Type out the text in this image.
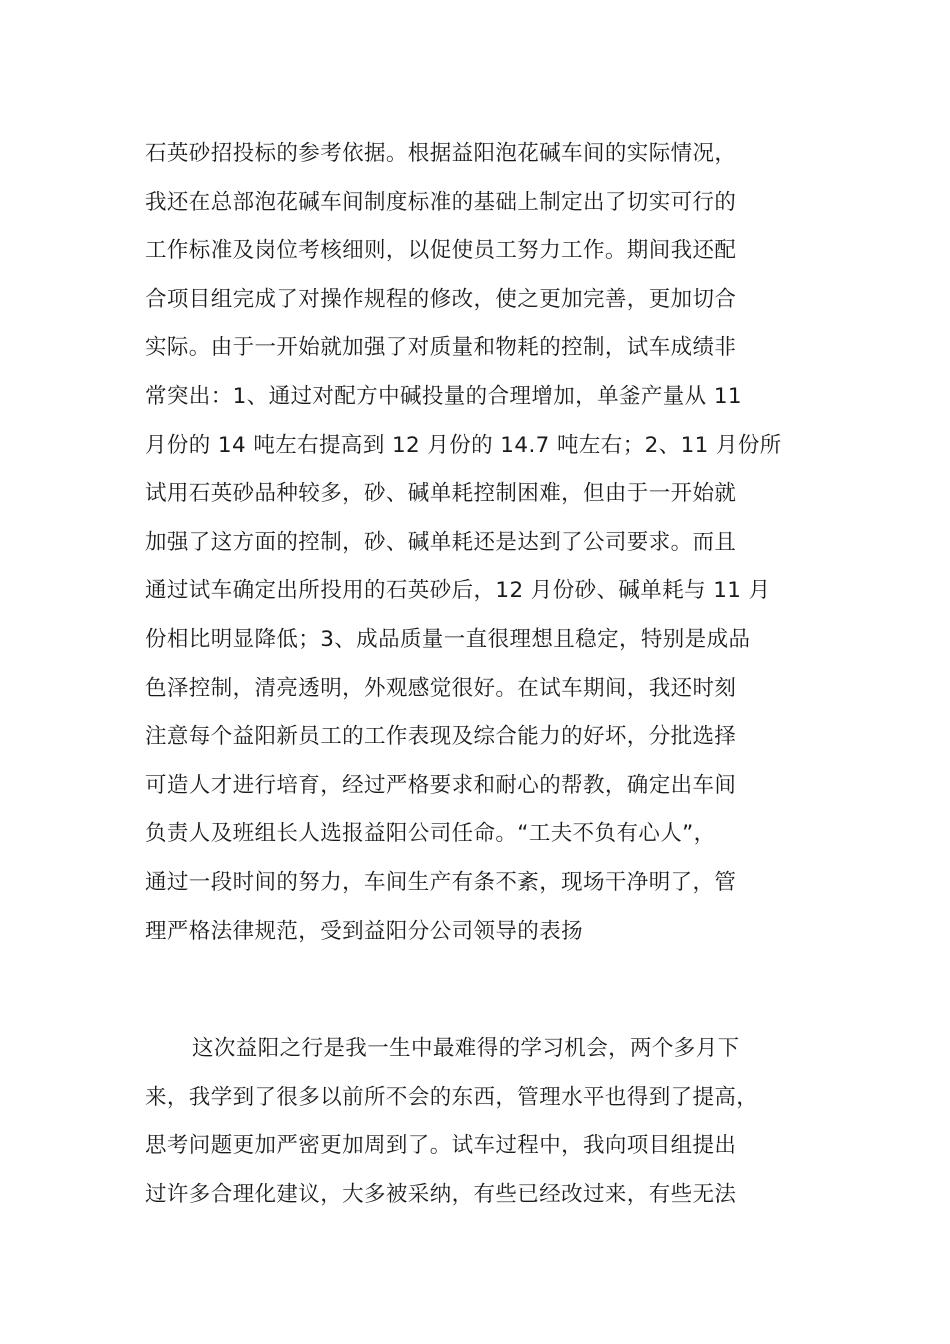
石英砂招投标的参考依据。根据益阳泡花碱车间的实际情况，
我还在总部泡花碱车间制度标准的基础上制定出了切实可行的
工作标准及岗位考核细则，以促使员工努力工作。期间我还配
合项目组完成了对操作规程的修改，使之更加完善，更加切合
实际。由于一开始就加强了对质量和物耗的控制，试车成绩非
常突出：1、通过对配方中碱投量的合理增加，单釜产量从 11
月份的 14 吨左右提高到 12 月份的 14.7 吨左右；2、11 月份所
试用石英砂品种较多，砂、碱单耗控制困难，但由于一开始就
加强了这方面的控制，砂、碱单耗还是达到了公司要求。而且
通过试车确定出所投用的石英砂后，12 月份砂、碱单耗与 11 月
份相比明显降低；3、成品质量一直很理想且稳定，特别是成品
色泽控制，清亮透明，外观感觉很好。在试车期间，我还时刻
注意每个益阳新员工的工作表现及综合能力的好坏，分批选择
可造人才进行培育，经过严格要求和耐心的帮教，确定出车间
负责人及班组长人选报益阳公司任命。“工夫不负有心人”，
通过一段时间的努力，车间生产有条不紊，现场干净明了，管
理严格法律规范，受到益阳分公司领导的表扬
这次益阳之行是我一生中最难得的学习机会，两个多月下
来，我学到了很多以前所不会的东西，管理水平也得到了提高，
思考问题更加严密更加周到了。试车过程中，我向项目组提出
过许多合理化建议，大多被采纳，有些已经改过来，有些无法
